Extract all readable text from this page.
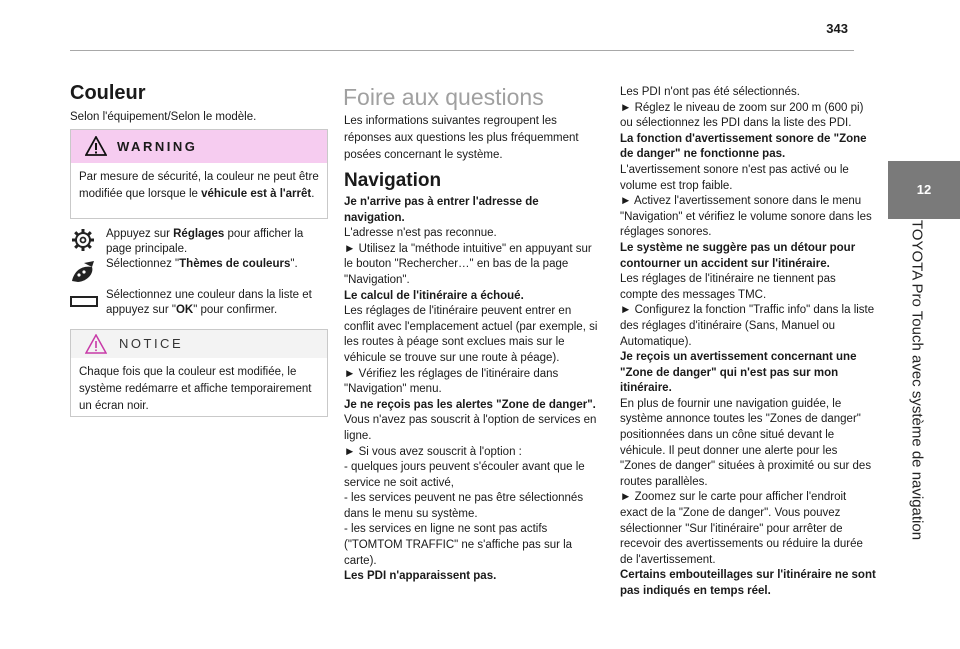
343
12
TOYOTA Pro Touch avec système de navigation
Couleur
Selon l'équipement/Selon le modèle.
WARNING
Par mesure de sécurité, la couleur ne peut être modifiée que lorsque le véhicule est à l'arrêt.
Appuyez sur Réglages pour afficher la page principale.
Sélectionnez "Thèmes de couleurs".
Sélectionnez une couleur dans la liste et appuyez sur "OK" pour confirmer.
NOTICE
Chaque fois que la couleur est modifiée, le système redémarre et affiche temporairement un écran noir.
Foire aux questions
Les informations suivantes regroupent les réponses aux questions les plus fréquemment posées concernant le système.
Navigation

Je n'arrive pas à entrer l'adresse de navigation.

L'adresse n'est pas reconnue.

► Utilisez la "méthode intuitive" en appuyant sur le bouton "Rechercher…" en bas de la page "Navigation".

Le calcul de l'itinéraire a échoué.

Les réglages de l'itinéraire peuvent entrer en conflit avec l'emplacement actuel (par exemple, si les routes à péage sont exclues mais sur le véhicule se trouve sur une route à péage).

► Vérifiez les réglages de l'itinéraire dans "Navigation" menu.

Je ne reçois pas les alertes "Zone de danger".

Vous n'avez pas souscrit à l'option de services en ligne.

► Si vous avez souscrit à l'option :

- quelques jours peuvent s'écouler avant que le service ne soit activé,

- les services peuvent ne pas être sélectionnés dans le menu su système.

- les services en ligne ne sont pas actifs ("TOMTOM TRAFFIC" ne s'affiche pas sur la carte).

Les PDI n'apparaissent pas.

Les PDI n'ont pas été sélectionnés.

► Réglez le niveau de zoom sur 200 m (600 pi) ou sélectionnez les PDI dans la liste des PDI.

La fonction d'avertissement sonore de "Zone de danger" ne fonctionne pas.

L'avertissement sonore n'est pas activé ou le volume est trop faible.

► Activez l'avertissement sonore dans le menu "Navigation" et vérifiez le volume sonore dans les réglages sonores.

Le système ne suggère pas un détour pour contourner un accident sur l'itinéraire.

Les réglages de l'itinéraire ne tiennent pas compte des messages TMC.

► Configurez la fonction "Traffic info" dans la liste des réglages d'itinéraire (Sans, Manuel ou Automatique).

Je reçois un avertissement concernant une "Zone de danger" qui n'est pas sur mon itinéraire.

En plus de fournir une navigation guidée, le système annonce toutes les "Zones de danger" positionnées dans un cône situé devant le véhicule. Il peut donner une alerte pour les "Zones de danger" situées à proximité ou sur des routes parallèles.

► Zoomez sur le carte pour afficher l'endroit exact de la "Zone de danger". Vous pouvez sélectionner "Sur l'itinéraire" pour arrêter de recevoir des avertissements ou réduire la durée de l'avertissement.

Certains embouteillages sur l'itinéraire ne sont pas indiqués en temps réel.
